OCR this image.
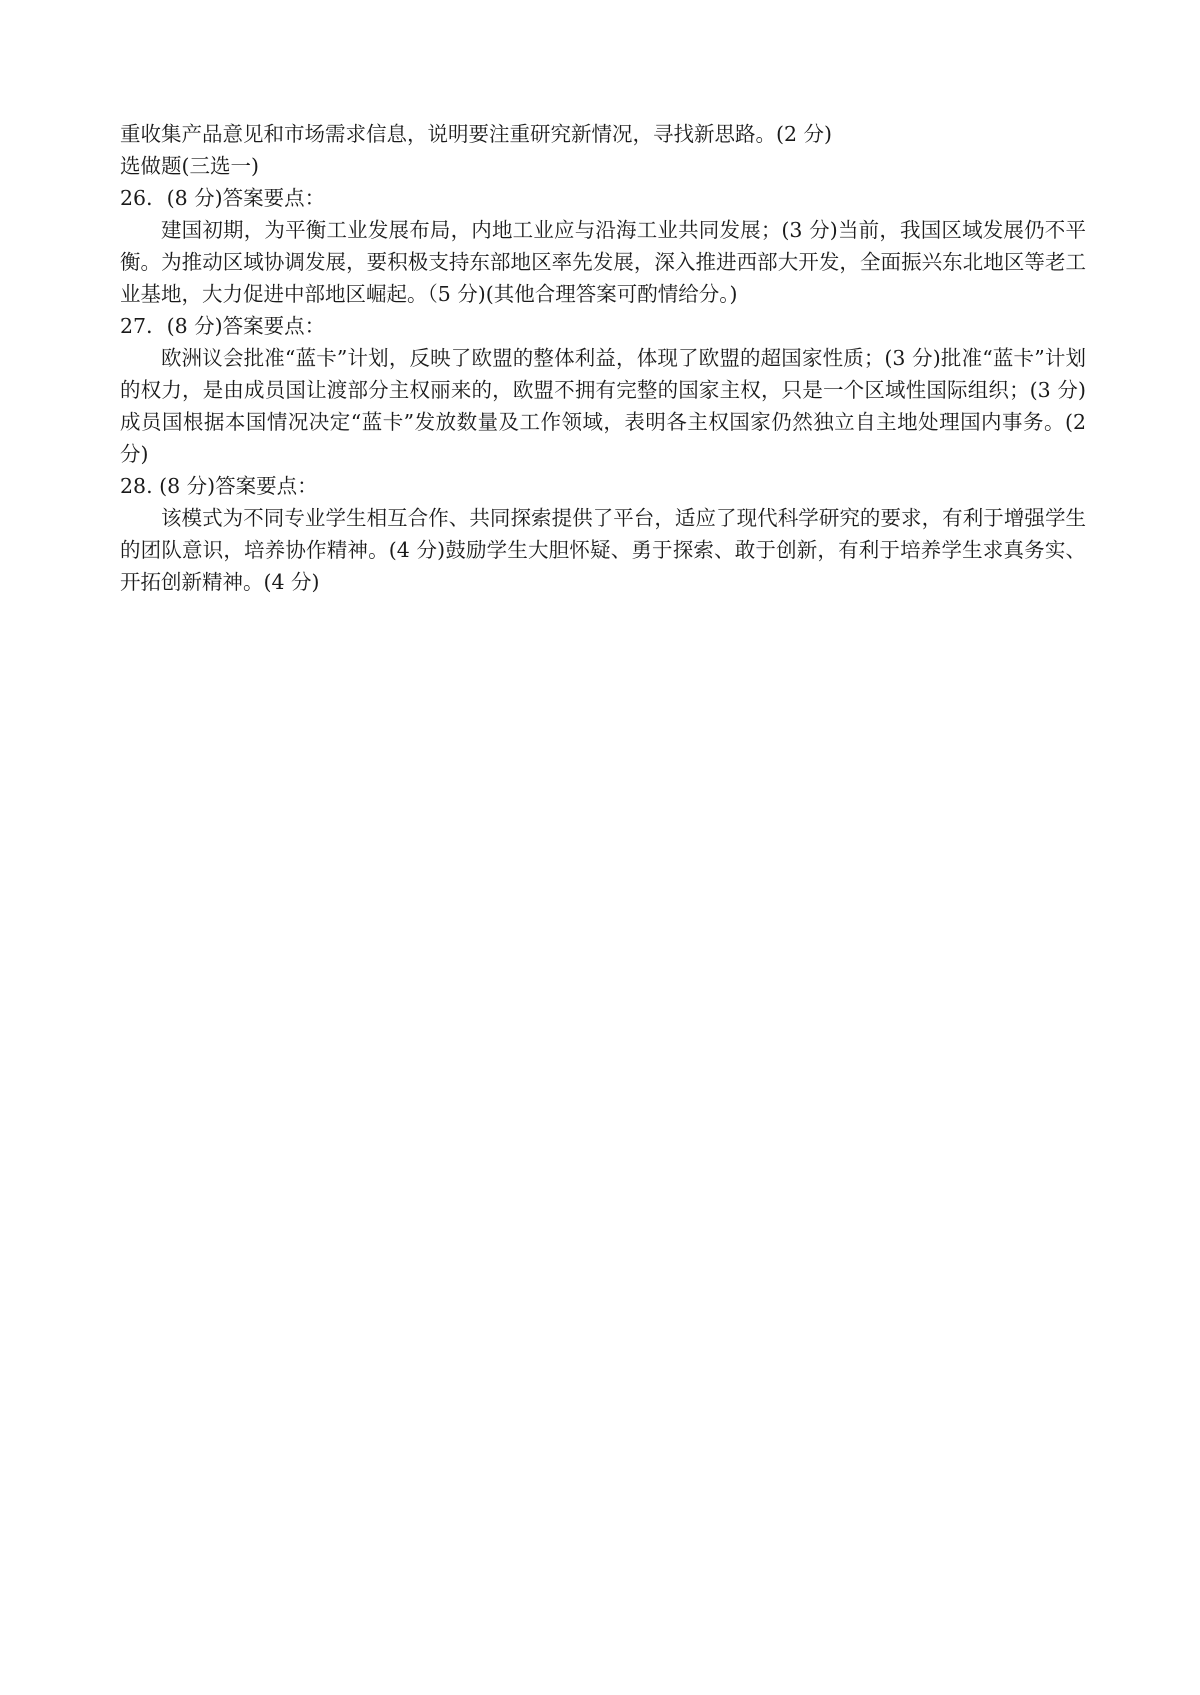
重收集产品意见和市场需求信息，说明要注重研究新情况，寻找新思路。(2 分)

选做题(三选一)

26．(8 分)答案要点：

建国初期，为平衡工业发展布局，内地工业应与沿海工业共同发展；(3 分)当前，我国区域发展仍不平衡。为推动区域协调发展，要积极支持东部地区率先发展，深入推进西部大开发，全面振兴东北地区等老工业基地，大力促进中部地区崛起。（5 分)(其他合理答案可酌情给分。)

27．(8 分)答案要点：

欧洲议会批准“蓝卡”计划，反映了欧盟的整体利益，体现了欧盟的超国家性质；(3 分)批准“蓝卡”计划的权力，是由成员国让渡部分主权丽来的，欧盟不拥有完整的国家主权，只是一个区域性国际组织；(3 分)成员国根据本国情况决定“蓝卡”发放数量及工作领域，表明各主权国家仍然独立自主地处理国内事务。(2 分)

28. (8 分)答案要点：

该模式为不同专业学生相互合作、共同探索提供了平台，适应了现代科学研究的要求，有利于增强学生的团队意识，培养协作精神。(4 分)鼓励学生大胆怀疑、勇于探索、敢于创新，有利于培养学生求真务实、开拓创新精神。(4 分)
